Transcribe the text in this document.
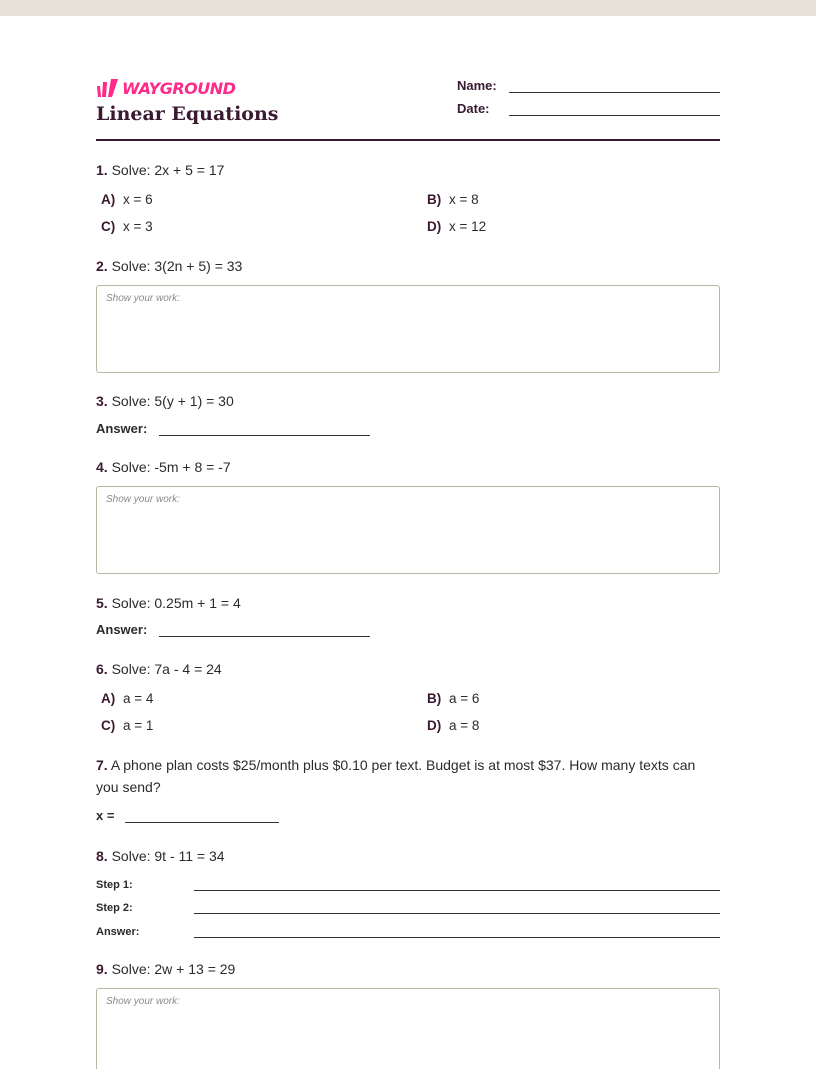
WAYGROUND
Linear Equations
Name:
Date:
1. Solve: 2x + 5 = 17
A) x = 6	B) x = 8
C) x = 3	D) x = 12
2. Solve: 3(2n + 5) = 33
Show your work:
3. Solve: 5(y + 1) = 30
Answer:
4. Solve: -5m + 8 = -7
Show your work:
5. Solve: 0.25m + 1 = 4
Answer:
6. Solve: 7a - 4 = 24
A) a = 4	B) a = 6
C) a = 1	D) a = 8
7. A phone plan costs $25/month plus $0.10 per text. Budget is at most $37. How many texts can you send?
x =
8. Solve: 9t - 11 = 34
Step 1:
Step 2:
Answer:
9. Solve: 2w + 13 = 29
Show your work:
